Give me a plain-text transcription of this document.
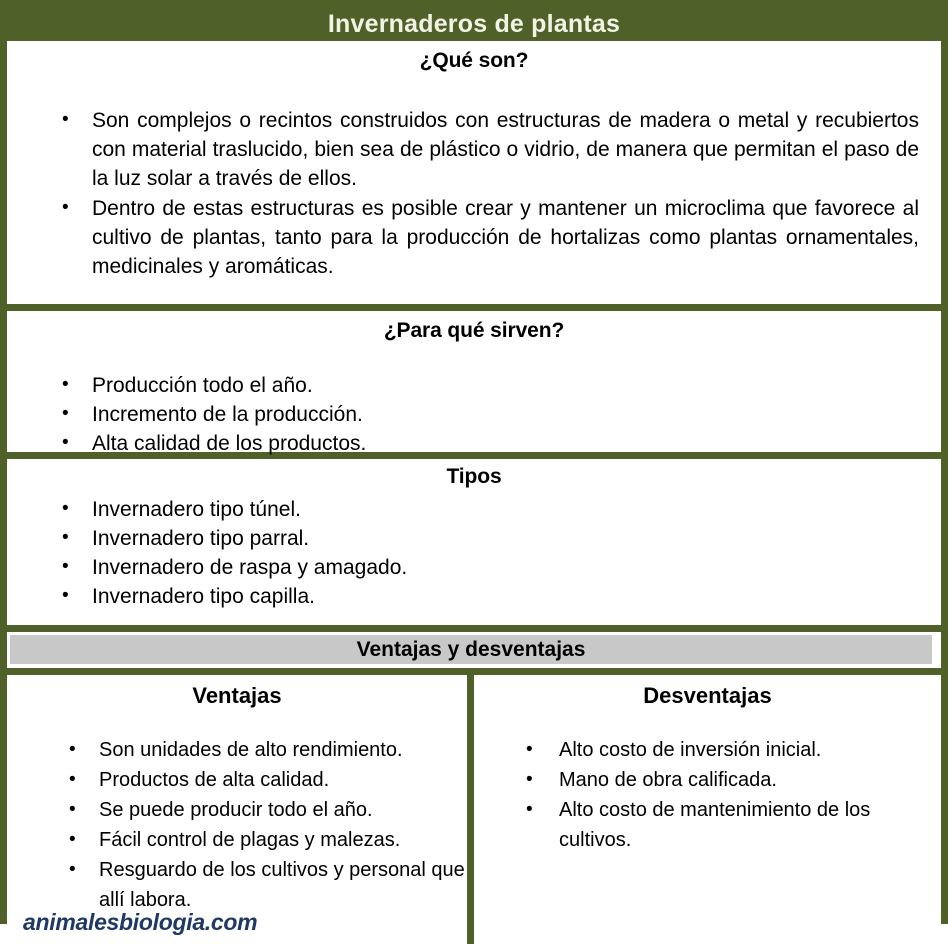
Invernaderos de plantas
¿Qué son?
• Son complejos o recintos construidos con estructuras de madera o metal y recubiertos con material traslucido, bien sea de plástico o vidrio, de manera que permitan el paso de la luz solar a través de ellos.
• Dentro de estas estructuras es posible crear y mantener un microclima que favorece al cultivo de plantas, tanto para la producción de hortalizas como plantas ornamentales, medicinales y aromáticas.
¿Para qué sirven?
• Producción todo el año.
• Incremento de la producción.
• Alta calidad de los productos.
Tipos
• Invernadero tipo túnel.
• Invernadero tipo parral.
• Invernadero de raspa y amagado.
• Invernadero tipo capilla.
Ventajas y desventajas
Ventajas
• Son unidades de alto rendimiento.
• Productos de alta calidad.
• Se puede producir todo el año.
• Fácil control de plagas y malezas.
• Resguardo de los cultivos y personal que allí labora.
animalesbiologia.com
Desventajas
• Alto costo de inversión inicial.
• Mano de obra calificada.
• Alto costo de mantenimiento de los cultivos.
